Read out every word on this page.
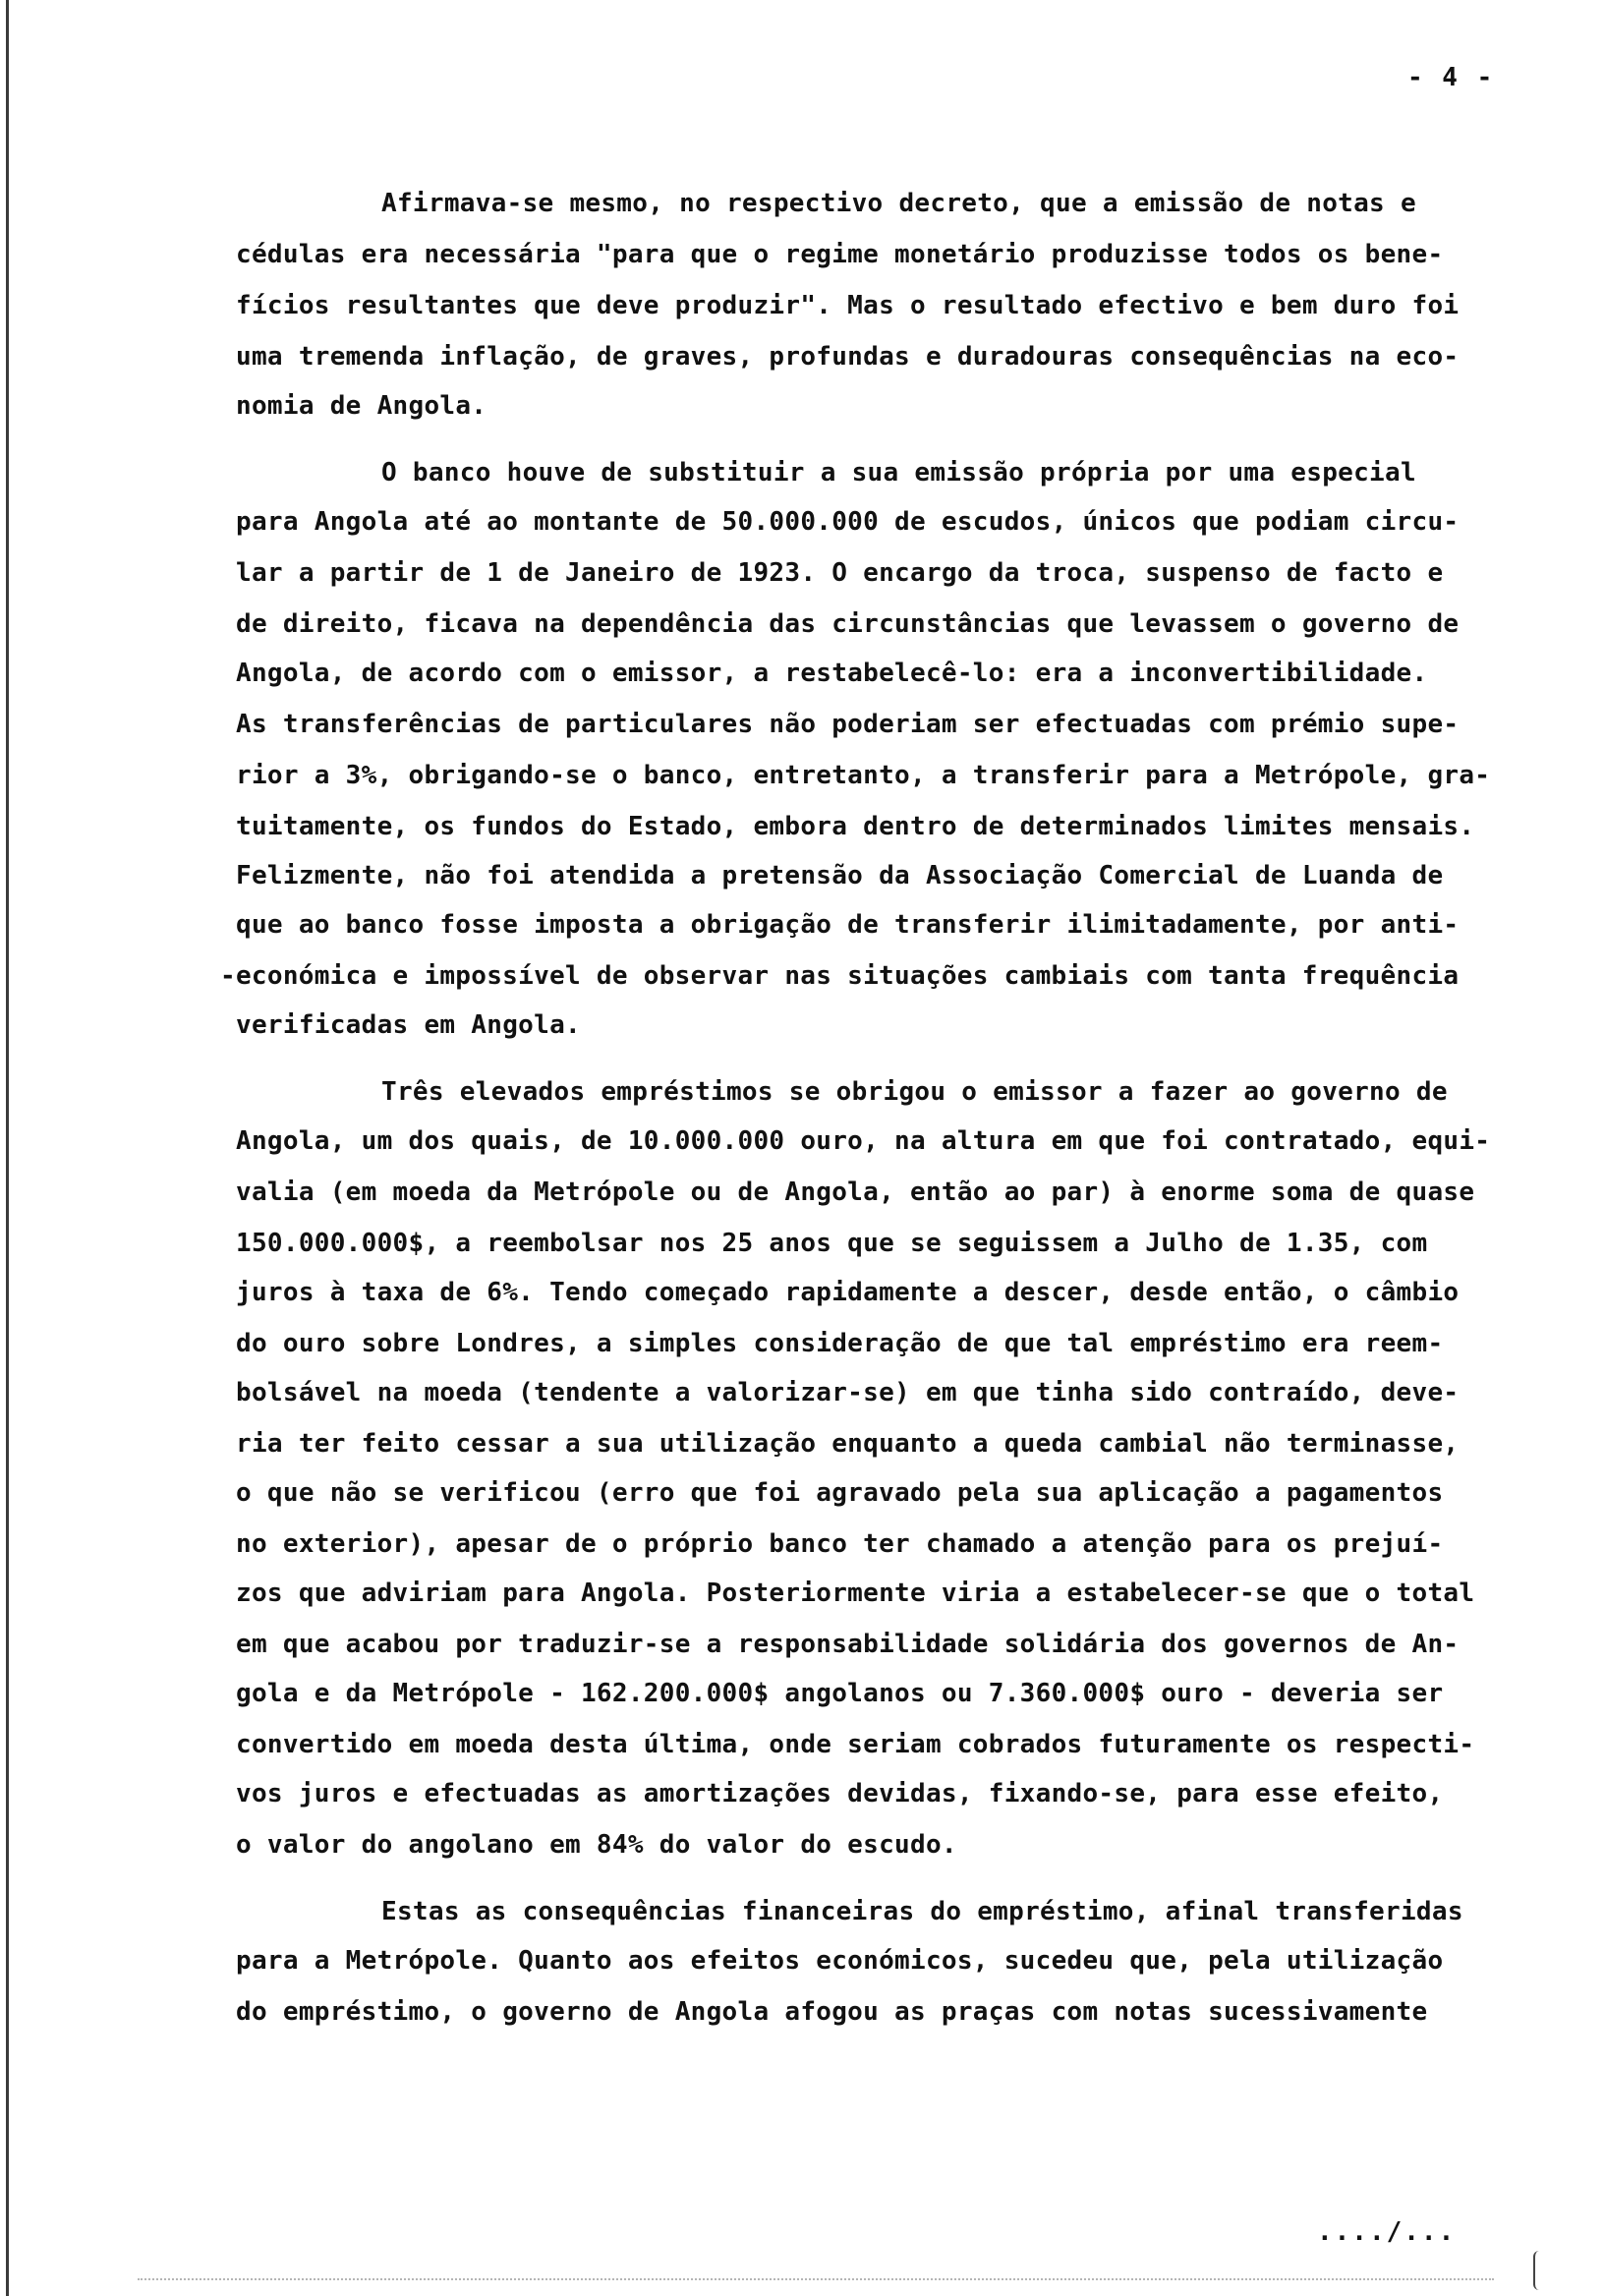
- 4 -
Afirmava-se mesmo, no respectivo decreto, que a emissão de notas e
cédulas era necessária "para que o regime monetário produzisse todos os bene-
fícios resultantes que deve produzir". Mas o resultado efectivo e bem duro foi
uma tremenda inflação, de graves, profundas e duradouras consequências na eco-
nomia de Angola.
O banco houve de substituir a sua emissão própria por uma especial
para Angola até ao montante de 50.000.000 de escudos, únicos que podiam circu-
lar a partir de 1 de Janeiro de 1923. O encargo da troca, suspenso de facto e
de direito, ficava na dependência das circunstâncias que levassem o governo de
Angola, de acordo com o emissor, a restabelecê-lo: era a inconvertibilidade.
As transferências de particulares não poderiam ser efectuadas com prémio supe-
rior a 3%, obrigando-se o banco, entretanto, a transferir para a Metrópole, gra-
tuitamente, os fundos do Estado, embora dentro de determinados limites mensais.
Felizmente, não foi atendida a pretensão da Associação Comercial de Luanda de
que ao banco fosse imposta a obrigação de transferir ilimitadamente, por anti-
-económica e impossível de observar nas situações cambiais com tanta frequência
verificadas em Angola.
Três elevados empréstimos se obrigou o emissor a fazer ao governo de
Angola, um dos quais, de 10.000.000 ouro, na altura em que foi contratado, equi-
valia (em moeda da Metrópole ou de Angola, então ao par) à enorme soma de quase
150.000.000$, a reembolsar nos 25 anos que se seguissem a Julho de 1.35, com
juros à taxa de 6%. Tendo começado rapidamente a descer, desde então, o câmbio
do ouro sobre Londres, a simples consideração de que tal empréstimo era reem-
bolsável na moeda (tendente a valorizar-se) em que tinha sido contraído, deve-
ria ter feito cessar a sua utilização enquanto a queda cambial não terminasse,
o que não se verificou (erro que foi agravado pela sua aplicação a pagamentos
no exterior), apesar de o próprio banco ter chamado a atenção para os prejuí-
zos que adviriam para Angola. Posteriormente viria a estabelecer-se que o total
em que acabou por traduzir-se a responsabilidade solidária dos governos de An-
gola e da Metrópole - 162.200.000$ angolanos ou 7.360.000$ ouro - deveria ser
convertido em moeda desta última, onde seriam cobrados futuramente os respecti-
vos juros e efectuadas as amortizações devidas, fixando-se, para esse efeito,
o valor do angolano em 84% do valor do escudo.
Estas as consequências financeiras do empréstimo, afinal transferidas
para a Metrópole. Quanto aos efeitos económicos, sucedeu que, pela utilização
do empréstimo, o governo de Angola afogou as praças com notas sucessivamente
..../...
